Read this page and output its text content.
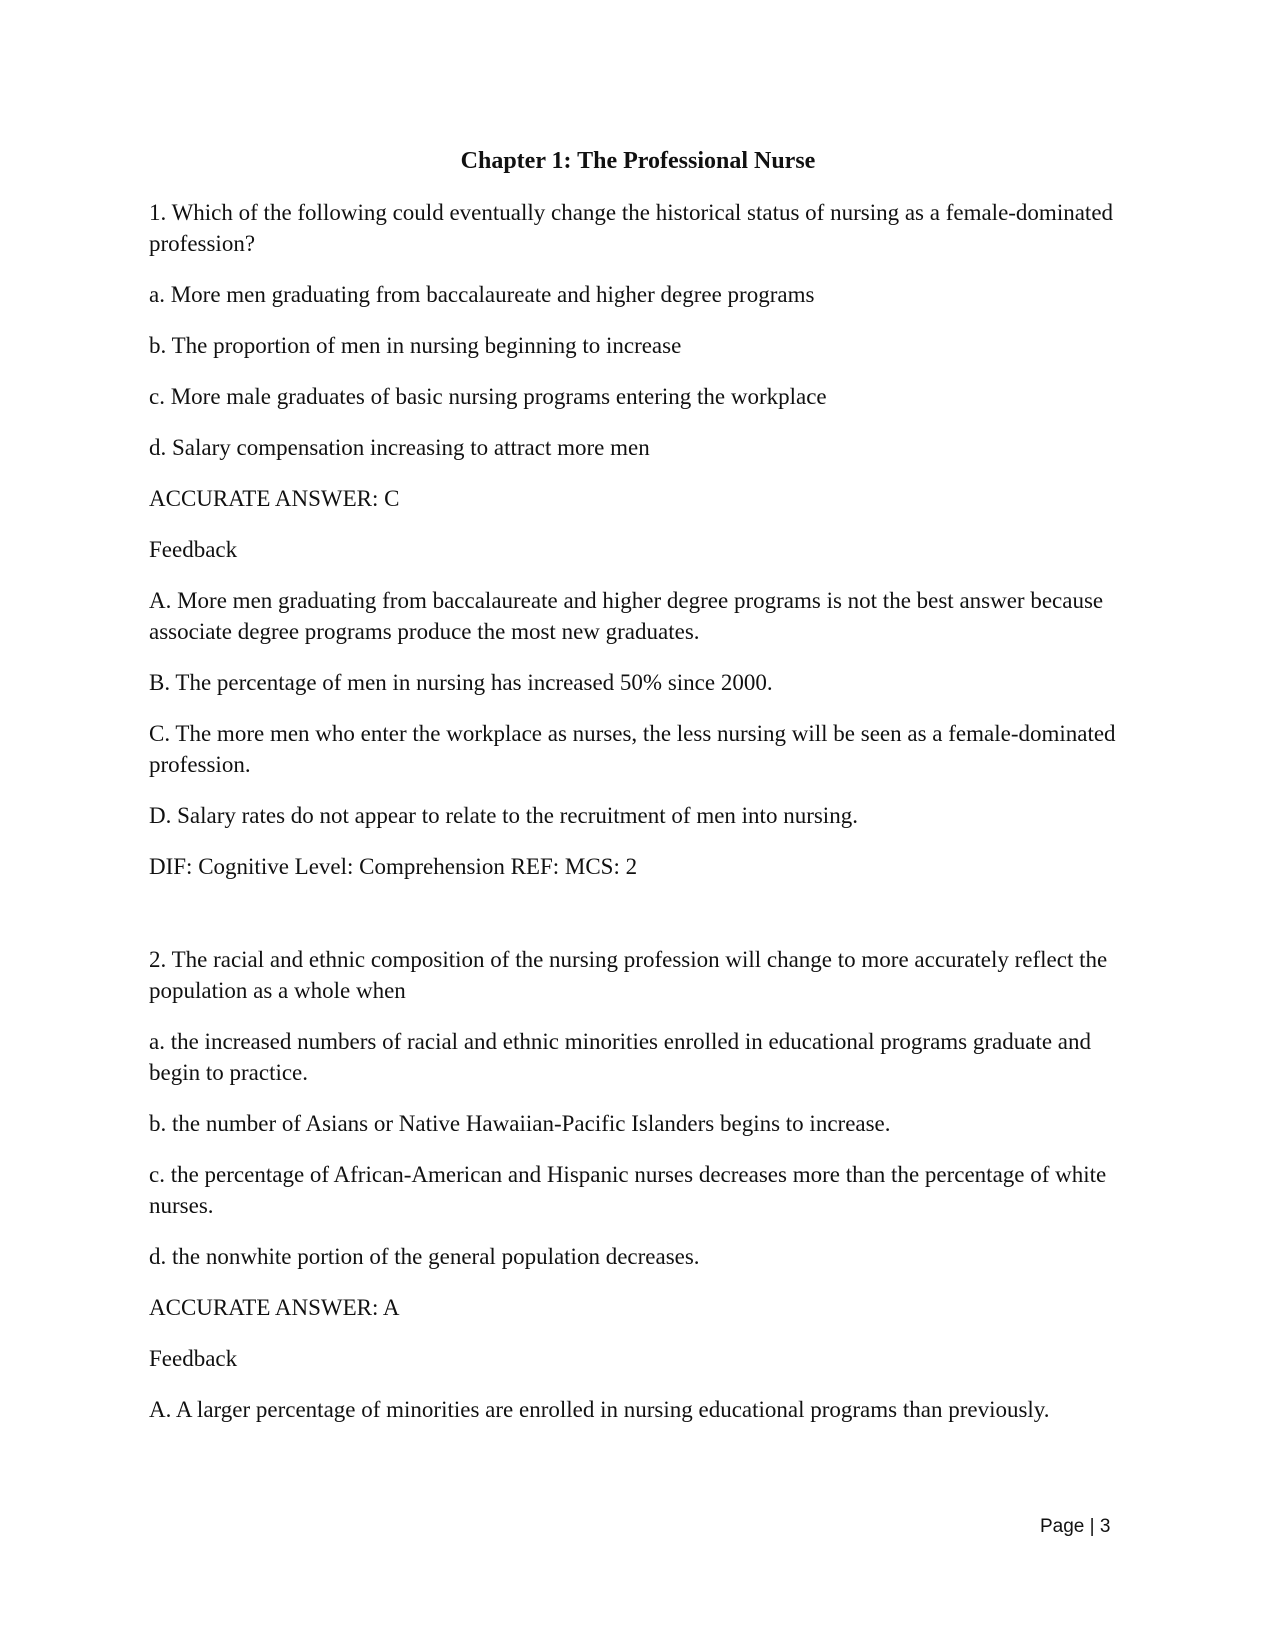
Chapter 1: The Professional Nurse
1. Which of the following could eventually change the historical status of nursing as a female-dominated profession?
a. More men graduating from baccalaureate and higher degree programs
b. The proportion of men in nursing beginning to increase
c. More male graduates of basic nursing programs entering the workplace
d. Salary compensation increasing to attract more men
ACCURATE ANSWER: C
Feedback
A. More men graduating from baccalaureate and higher degree programs is not the best answer because associate degree programs produce the most new graduates.
B. The percentage of men in nursing has increased 50% since 2000.
C. The more men who enter the workplace as nurses, the less nursing will be seen as a female-dominated profession.
D. Salary rates do not appear to relate to the recruitment of men into nursing.
DIF: Cognitive Level: Comprehension REF: MCS: 2
2. The racial and ethnic composition of the nursing profession will change to more accurately reflect the population as a whole when
a. the increased numbers of racial and ethnic minorities enrolled in educational programs graduate and begin to practice.
b. the number of Asians or Native Hawaiian-Pacific Islanders begins to increase.
c. the percentage of African-American and Hispanic nurses decreases more than the percentage of white nurses.
d. the nonwhite portion of the general population decreases.
ACCURATE ANSWER: A
Feedback
A. A larger percentage of minorities are enrolled in nursing educational programs than previously.
Page | 3
